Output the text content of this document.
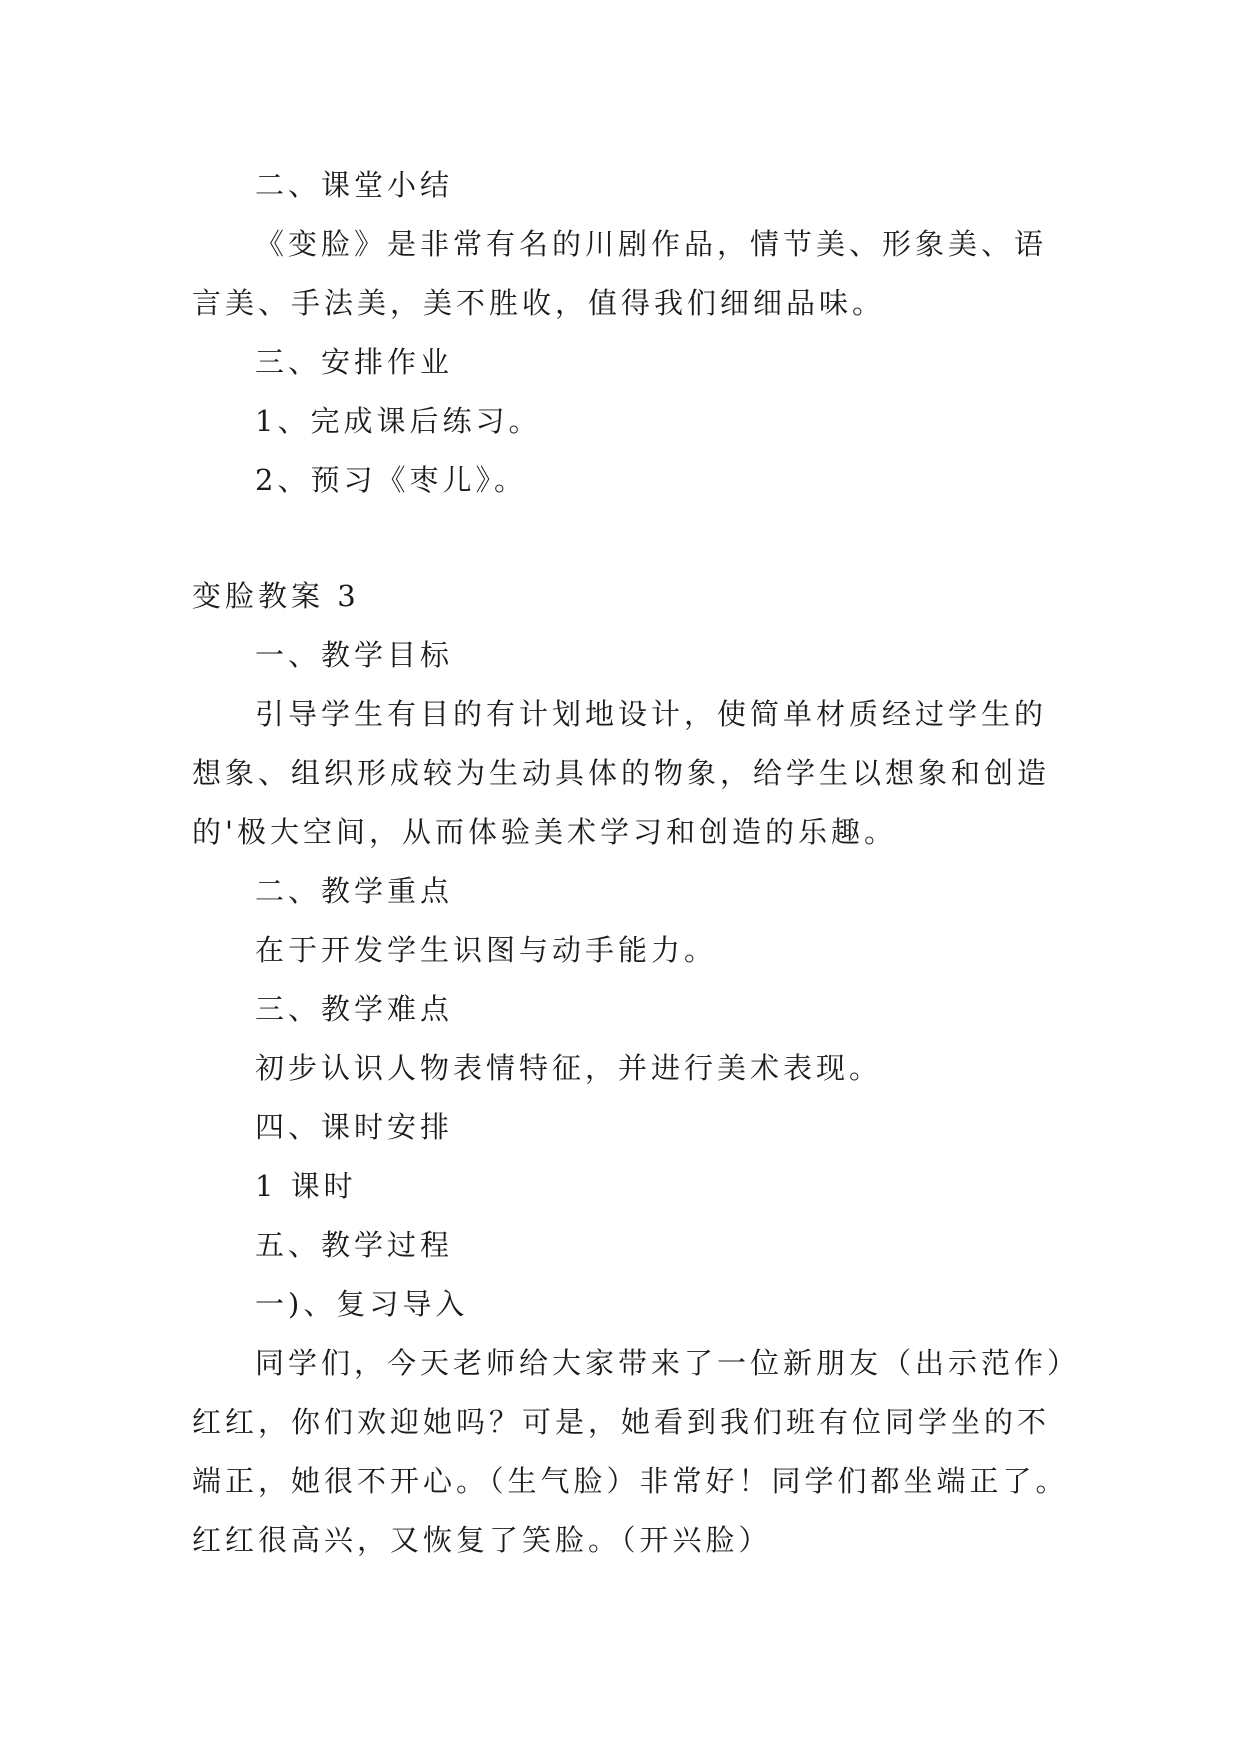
二、课堂小结
《变脸》是非常有名的川剧作品，情节美、形象美、语
言美、手法美，美不胜收，值得我们细细品味。
三、安排作业
1、完成课后练习。
2、预习《枣儿》。
变脸教案 3
一、教学目标
引导学生有目的有计划地设计，使简单材质经过学生的
想象、组织形成较为生动具体的物象，给学生以想象和创造
的'极大空间，从而体验美术学习和创造的乐趣。
二、教学重点
在于开发学生识图与动手能力。
三、教学难点
初步认识人物表情特征，并进行美术表现。
四、课时安排
1 课时
五、教学过程
一)、复习导入
同学们，今天老师给大家带来了一位新朋友（出示范作）
红红，你们欢迎她吗？可是，她看到我们班有位同学坐的不
端正，她很不开心。（生气脸）非常好！同学们都坐端正了。
红红很高兴，又恢复了笑脸。（开兴脸）
